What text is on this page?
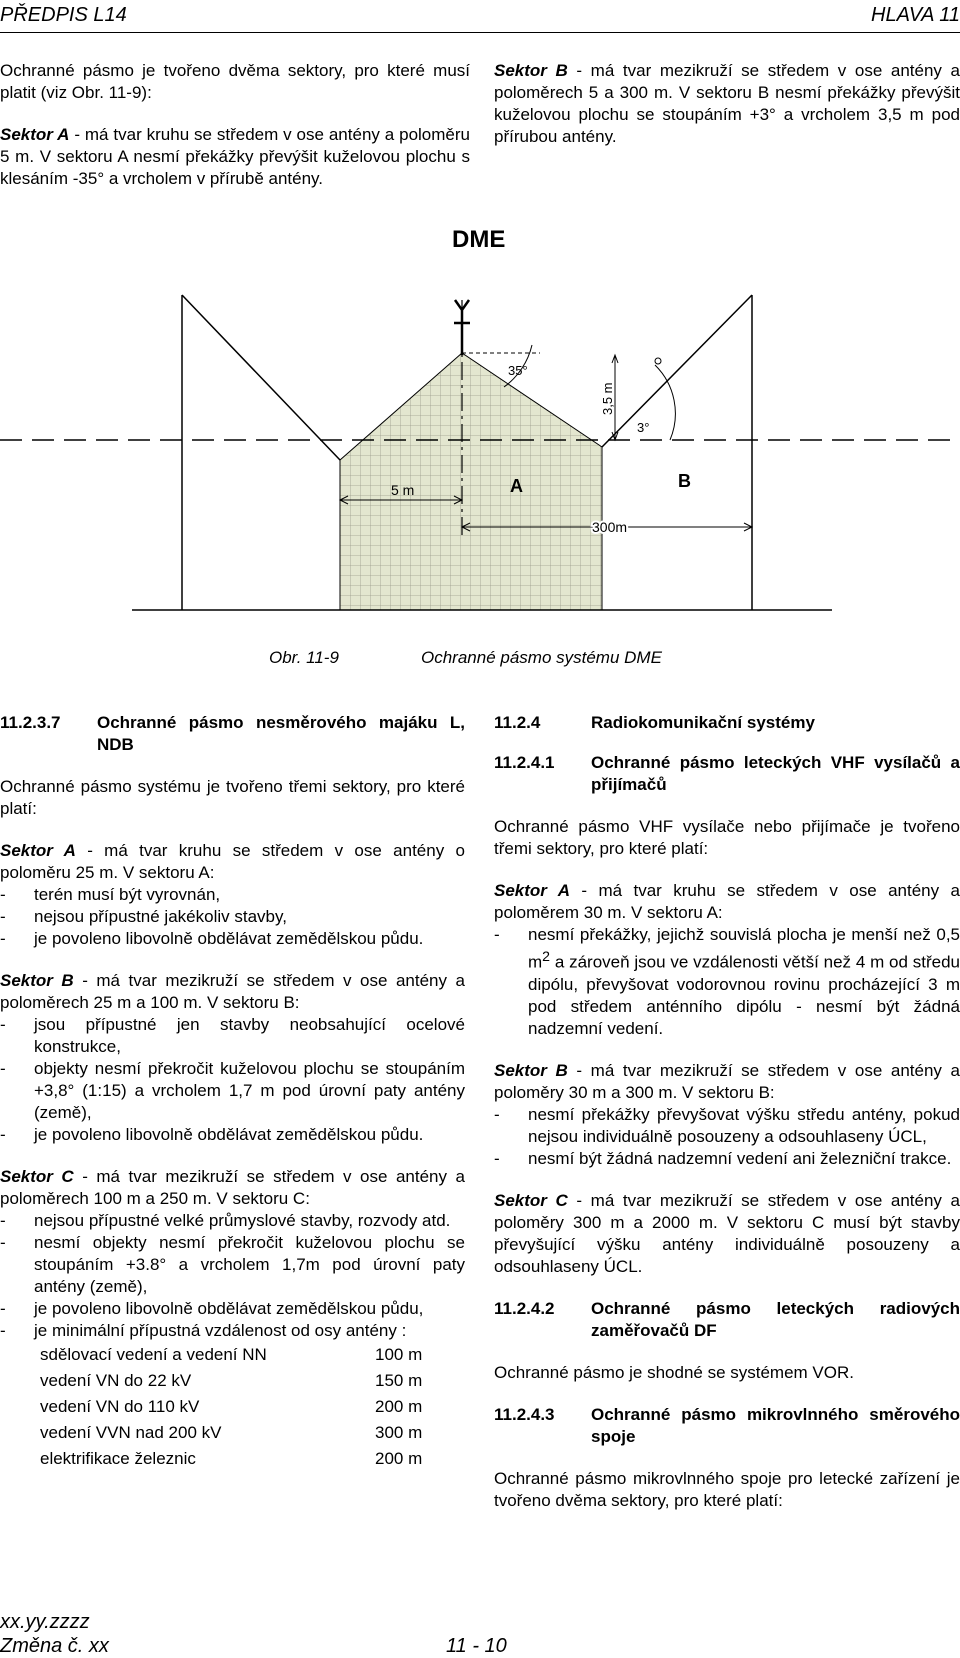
PŘEDPIS L14	HLAVA 11

Ochranné pásmo je tvořeno dvěma sektory, pro které musí platit (viz Obr. 11-9):

Sektor A - má tvar kruhu se středem v ose antény a poloměru 5 m. V sektoru A nesmí překážky převýšit kuželovou plochu s klesáním -35° a vrcholem v přírubě antény.

Sektor B - má tvar mezikruží se středem v ose antény a poloměrech 5 a 300 m. V sektoru B nesmí překážky převýšit kuželovou plochu se stoupáním +3° a vrcholem 3,5 m pod přírubou antény.

DME
35°
3,5 m
3°
5 m	A	B
300m
Obr. 11-9	Ochranné pásmo systému DME
11.2.3.7	Ochranné pásmo nesměrového majáku L, NDB

Ochranné pásmo systému je tvořeno třemi sektory, pro které platí:

Sektor A - má tvar kruhu se středem v ose antény o poloměru 25 m. V sektoru A:

- terén musí být vyrovnán,
- nejsou přípustné jakékoliv stavby,
- je povoleno libovolně obdělávat zemědělskou půdu.

Sektor B - má tvar mezikruží se středem v ose antény a poloměrech 25 m a 100 m. V sektoru B:

- jsou přípustné jen stavby neobsahující ocelové konstrukce,
- objekty nesmí překročit kuželovou plochu se stoupáním +3,8° (1:15) a vrcholem 1,7 m pod úrovní paty antény (země),
- je povoleno libovolně obdělávat zemědělskou půdu.

Sektor C - má tvar mezikruží se středem v ose antény a poloměrech 100 m a 250 m. V sektoru C:

- nejsou přípustné velké průmyslové stavby, rozvody atd.
- nesmí objekty nesmí překročit kuželovou plochu se stoupáním +3.8° a vrcholem 1,7m pod úrovní paty antény (země),
- je povoleno libovolně obdělávat zemědělskou půdu,
- je minimální přípustná vzdálenost od osy antény :
sdělovací vedení a vedení NN	100 m
vedení VN do 22 kV	150 m
vedení VN do 110 kV	200 m
vedení VVN nad 200 kV	300 m
elektrifikace železnic	200 m
11.2.4	Radiokomunikační systémy
11.2.4.1	Ochranné pásmo leteckých VHF vysílačů a přijímačů

Ochranné pásmo VHF vysílače nebo přijímače je tvořeno třemi sektory, pro které platí:

Sektor A - má tvar kruhu se středem v ose antény a poloměrem 30 m. V sektoru A:

- nesmí překážky, jejichž souvislá plocha je menší než 0,5 $m^2$ a zároveň jsou ve vzdálenosti větší než 4 m od středu dipólu, převyšovat vodorovnou rovinu procházející 3 m pod středem anténního dipólu - nesmí být žádná nadzemní vedení.

Sektor B - má tvar mezikruží se středem v ose antény a poloměry 30 m a 300 m. V sektoru B:

- nesmí překážky převyšovat výšku středu antény, pokud nejsou individuálně posouzeny a odsouhlaseny ÚCL,
- nesmí být žádná nadzemní vedení ani železniční trakce.

Sektor C - má tvar mezikruží se středem v ose antény a poloměry 300 m a 2000 m. V sektoru C musí být stavby převyšující výšku antény individuálně posouzeny a odsouhlaseny ÚCL.

11.2.4.2	Ochranné pásmo leteckých radiových zaměřovačů DF

Ochranné pásmo je shodné se systémem VOR.

11.2.4.3	Ochranné pásmo mikrovlnného směrového spoje

Ochranné pásmo mikrovlnného spoje pro letecké zařízení je tvořeno dvěma sektory, pro které platí:

xx.yy.zzzz
Změna č. xx	11 - 10
